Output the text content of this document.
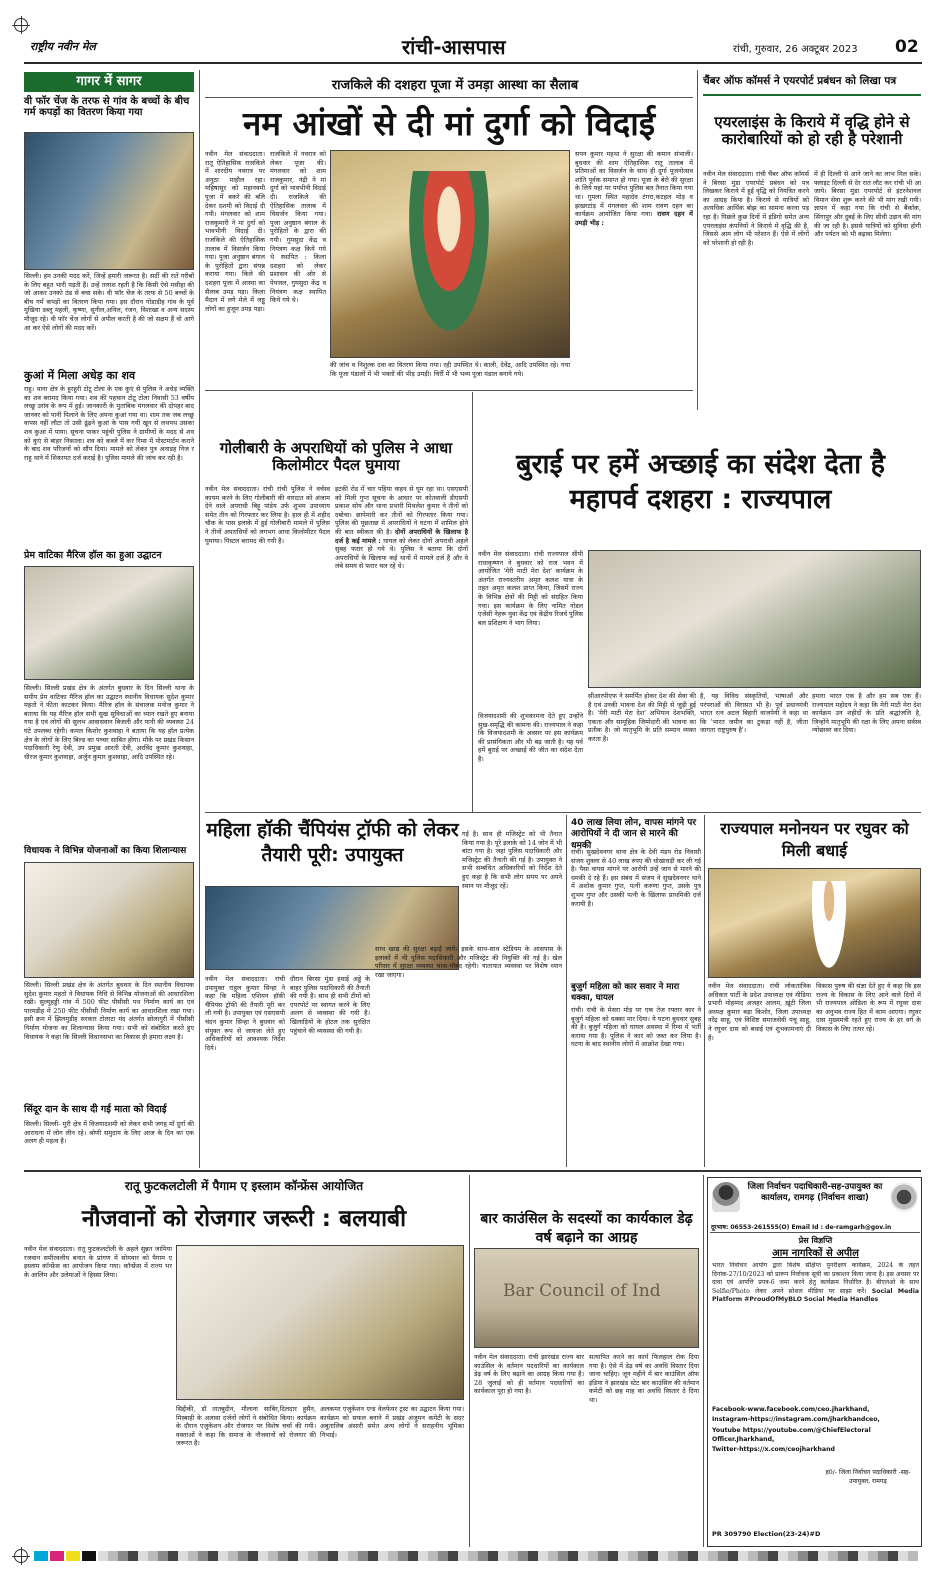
राष्ट्रीय नवीन मेल	रांची-आसपास	रांची, गुरुवार, 26 अक्टूबर 2023 02
गागर में सागर
वी फॉर चेंज के तरफ से गांव के बच्चों के बीच गर्म कपड़ों का वितरण किया गया
सिल्ली। हम उनकी मदद करें, जिन्हें हमारी जरूरत है। सर्दी की रातें गरीबों के लिए बहुत भारी पड़ती हैं। उन्हें तलाश रहती है कि किसी ऐसे मसीहा की जो आकर उनको ठंड से बचा सके। वी फॉर चेंज के तरफ से 50 बच्चों के बीच गर्म कपड़ों का वितरण किया गया। इस दौरान गोडाडीह गांव के पूर्व मुखिया डब्लू महली, कृष्णा, सुनील,अनिल, रंजन, विशाखा व अन्य सदस्य मौजूद रहे। वी फॉर चेंज लोगों से अपील करती है की जो सक्षम हैं वो आगे आ कर ऐसे लोगों की मदद करें।
कुआं में मिला अधेड़ का शव
राहु। थाना क्षेत्र के हुरहुरी टोटू टोला के एक कुएं से पुलिस ने अधेड़ व्यक्ति का शव बरामद किया गया। शव की पहचान टोटू टोला निवासी 53 वर्षीय लच्छू उरांव के रूप में हुई। जानकारी के मुताबिक मंगलवार की दोपहर बाद जानवर को पानी पिलाने के लिए अपना कुआं गया था। शाम तक जब लच्छू वापस नहीं लौटा तो उसी ढूंढ़ने कुआं के पास गयी खून से लथपथ उसका शव कुआं में पाया। सूचना पाकर पहुंची पुलिस ने ग्रामीणों के मदद से शव को कुएं से बाहर निकाला। शव को कब्जे में कर रिम्स में पोस्टमार्टम कराने के बाद शव परिजनों को सौंप दिया। मामले को लेकर पुत्र अनाडह निज र राहु थाने में शिकायत दर्ज कराई है। पुलिस मामले की जांच कर रही है।
प्रेम वाटिका मैरिज हॉल का हुआ उद्घाटन
सिल्ली। सिल्ली प्रखंड क्षेत्र के अंतर्गत बुधवार के दिन सिल्ली थाना के समीप प्रेम वाटिका मैरिज हॉल का उद्घाटन स्थानीय विधायक सुदेश कुमार महतो ने फीता काटकर किया। मैरिज हॉल के संचालक मनोज कुमार ने बताया कि यह मैरिज हॉल सभी सुख सुविधाओं का ध्यान रखते हुए बनाया गया है एवं लोगों की सुलभ आवासवान बिजली और पानी की व्यवस्था 24 घंटे उपलब्ध रहेगी। कमल किशोर कुशवाहा ने बताया कि यह हॉल प्रत्येक क्षेत्र के लोगों के लिए बिल्ड का पच्चर साबित होगा। मौके पर प्रखंड किसान पदाधिकारी रेणु देवी, उप प्रमुख आरती देवी, अरविंद कुमार कुशवाहा, धीरज कुमार कुशवाहा, अर्जुन कुमार कुशवाहा, आदि उपस्थित रहे।
विधायक ने विभिन्न योजनाओं का किया शिलान्यास
सिल्ली। सिल्ली प्रखंड क्षेत्र के अंतर्गत बुधवार के दिन स्थानीय विधायक सुदेश कुमार महतो ने विधायक निधि से विभिन्न योजनाओं की आधारशिला रखी। सुल्मुहड्डी गांव में 500 फीट पीसीसी पथ निर्माण कार्य का एवं पारमडीह में 250 फीट पीसीसी निर्माण कार्य का आधारशिला रखा गया। इसी क्रम में झिलमुडीह सरकार टोलाटा मंद अंतर्गत छोलागुरी में पीसीसी निर्माण योजना का शिलान्यास किया गया। सभी को संबोधित करते हुए विधायक ने कहा कि सिल्ली विधानसभा का विकास ही हमारा लक्ष्य है।
सिंदूर दान के साथ दी गई माता को विदाई
सिल्ली। सिल्ली- मुरी क्षेत्र में विजयादशमी को लेकर सभी जगह माँ दुर्गा की आराधना में लोग लीन रहे। श्रोणी समुदाय के लिए आज के दिन का एक अलग ही महत्व है।
राजकिले की दशहरा पूजा में उमड़ा आस्था का सैलाब
नम आंखों से दी मां दुर्गा को विदाई
नवीन मेल संवाददाता। रातू ऐतिहासिक राजकिले में शारदीय नवरात्र पर अनूठा माहौल रहा।महिषासुर को महानवमी पूजा में बकरे की बलि देकर दशमी को विदाई दी गयी। मंगलवार को शाम राजकुमारी ने मां दुर्गा को भावभीनी विदाई दी। राजकिले की ऐतिहासिक तालाब में विसर्जन किया गया। पूजा अनुष्ठान बंगाल के पुरोहितों द्वारा संपन्न कराया गया। किले की दशहरा पूजा में आस्था का सैलाब उमड़ पड़ा। किला मैदान में लगे मेले में लड्डू लोगों का हुजूम उमड़ पड़ा।
राजकिले में नवरात्र को लेकर पूजा की। मंगलवार को शाम राजकुमार, नंद्री ने मां दुर्गा को भावभीनी विदाई दी। राजकिले की ऐतिहासिक तालाब में विसर्जन किया गया। पूजा अनुष्ठान बंगाल के पुरोहितों के द्वारा की गयी। गुमसुदा केंद्र व नियंत्रण कक्ष किये गये थे स्थापित : किला दशहरा को लेकर प्रशासन की ओर से पेयजल, गुमसुदा केंद्र व नियंत्रण कक्ष स्थापित किये गये थे।
की जांच व निशुल्क दवा का वितरण किया गया। रही उपस्थित थे। काली, देवेंद्र, आदि उपस्थित रहे। गया कि पूजा पंडालों में भी भक्तों की भीड़ उमड़ी। चिर्री में भी भव्य पूजा पंडाल बनाये गये।
सपन कुमार महथा ने सुरक्षा की कमान संभाली। बुधवार की शाम ऐतिहासिक रातू तालाब में प्रतिमाओं का विसर्जन के साथ ही दुर्गा पूजनोत्सव शांति पूर्वक समाप्त हो गया। पूजा के बेरो की सुरक्षा के लिये यहां पर पर्याप्त पुलिस बल तैनात किया गया था। गुमला स्थित महादेव टंगरा,कटहल मोड़ व झखरटांड़ में मंगलवार की शाम रावण दहन का कार्यक्रम आयोजित किया गया। रावण दहन में उमड़ी भीड़ :
चैंबर ऑफ कॉमर्स ने एयरपोर्ट प्रबंधन को लिखा पत्र
एयरलाइंस के किराये में वृद्धि होने से कारोबारियों को हो रही है परेशानी
नवीन मेल संवाददाता। रांची चैंबर ऑफ कॉमर्स ने बिरसा मुंडा एयरपोर्ट प्रबंधन को पत्र लिखकर किराये में हुई वृद्धि को नियंत्रित करने का आग्रह किया है। किराये से यात्रियों को अत्यधिक आर्थिक बोझ का सामना करना पड़ रहा है। पिछले कुछ दिनों में इंडिगो समेत अन्य एयरलाइंस कंपनियों ने किराये में वृद्धि की है, जिससे आम लोग भी परेशान हैं। ऐसे में लोगों को परेशानी हो रही है।
में ही दिल्ली से आने जाने का लाभ मिल सके। फ्लाइट दिल्ली से देर रात लौट कर रांची भी आ जाये। बिरसा मुंडा एयरपोर्ट से इंटरनेशनल विमान सेवा शुरू करने की भी मांग रखी गयी। ज्ञापन में कहा गया कि रांची से बैंकॉक, सिंगापुर और दुबई के लिए सीधी उड़ान की मांग की जा रही है। इससे यात्रियों को सुविधा होगी और पर्यटन को भी बढ़ावा मिलेगा।
गोलीबारी के अपराधियों को पुलिस ने आधा किलोमीटर पैदल घुमाया
नवीन मेल संवाददाता। रांची रांची पुलिस ने वर्चस्व कायम करने के लिए गोलीबारी की वारदात को अंजाम देने वाले अपराधी बिट्टू पांडेय उर्फ शुभम उपाध्याय समेत तीन को गिरफ्तार कर लिया है। हाल ही में शहीद चौक के पास इलाके में हुई गोलीबारी मामले में पुलिस ने तीनों अपराधियों को लगभग आधा किलोमीटर पैदल घुमाया। पिस्टल बरामद की गयी है।
इटकी रोड में चार पहिया वाहन से घूम रहा था। एसएसपी को मिली गुप्त सूचना के आधार पर कोतवाली डीएसपी प्रकाश सोय और थाना प्रभारी मिथलेश कुमार ने तीनों को दबोचा। छापेमारी कर तीनों को गिरफ्तार किया गया। पुलिस की पूछताछ में अपराधियों ने घटना में शामिल होने की बात स्वीकार की है। दोनों अपराधियों के खिलाफ है दर्ज है कई मामले : घायल को लेकर दोनों अपराधी अहले सुबह फरार हो गये थे। पुलिस ने बताया कि दोनों अपराधियों के खिलाफ कई थानों में मामले दर्ज हैं और वे लंबे समय से फरार चल रहे थे।
बुराई पर हमें अच्छाई का संदेश देता है महापर्व दशहरा : राज्यपाल
नवीन मेल संवाददाता। रांची राज्यपाल सीपी राधाकृष्णन ने बुधवार को राज भवन में आयोजित 'मेरी माटी मेरा देश' कार्यक्रम के अंतर्गत राज्यस्तरीय अमृत कलश यात्रा के तहत अमृत कलश प्राप्त किया, जिसमें राज्य के विभिन्न क्षेत्रों की मिट्टी को संग्रहित किया गया। इस कार्यक्रम के लिए नामित नोडल एजेंसी नेहरू युवा केंद्र एवं केंद्रीय रिजर्व पुलिस बल प्रशिक्षण ने भाग लिया।
विजयादशमी की शुभकामना देते हुए उन्होंने सुख-समृद्धि की कामना की। राज्यपाल ने कहा कि विजयादशमी के अवसर पर इस कार्यक्रम की प्रासंगिकता और भी बढ़ जाती है। यह पर्व हमें बुराई पर अच्छाई की जीत का संदेश देता है।
सीआरपीएफ ने समर्पित होकर देश की सेवा की है एवं उनकी भावना देश की मिट्टी से जुड़ी हुई है। 'मेरी माटी मेरा देश' अभियान देशभक्ति, एकता और सामूहिक जिम्मेदारी की भावना का प्रतीक है। जो मातृभूमि के प्रति सम्मान व्यक्त करता है।
है, यह विविध संस्कृतियों, भाषाओं और परंपराओं की विरासत भी है। पूर्व प्रधानमंत्री भारत रत्न अटल बिहारी वाजपेयी ने कहा था कि 'भारत जमीन का टुकड़ा नहीं है, जीता जागता राष्ट्रपुरुष है'।
हमारा भारत एक है और हम सब एक हैं। राज्यपाल महोदय ने कहा कि मेरी माटी मेरा देश कार्यक्रम उन शहीदों के प्रति श्रद्धांजलि है, जिन्होंने मातृभूमि की रक्षा के लिए अपना सर्वस्व न्योछावर कर दिया।
महिला हॉकी चैंपियंस ट्रॉफी को लेकर तैयारी पूरी: उपायुक्त
गई है। साथ ही मजिस्ट्रेट को भी तैनात किया गया है। पूरे इलाके को 14 जोन में भी बांटा गया है। जहां पुलिस पदाधिकारी और मजिस्ट्रेट की तैनाती की गई है। उपायुक्त ने सभी सम्बंधित अधिकारियों को निर्देश देते हुए कहा है कि सभी लोग समय पर अपने स्थान पर मौजूद रहें।
नवीन मेल संवाददाता। रांची उपायुक्त राहुल कुमार सिन्हा ने कहा कि महिला एशियन हॉकी चैंपियंस ट्रॉफी की तैयारी पूरी कर ली गयी है। उपायुक्त एवं एसएसपी चंदन कुमार सिन्हा ने बुधवार को संयुक्त रूप से जायजा लेते हुए अधिकारियों को आवश्यक निर्देश दिये।
दौरान बिरसा मुंडा हवाई अड्डे के बाहर पुलिस पदाधिकारी की तैनाती की गयी है। साथ ही सभी टीमों को एयरपोर्ट पर स्वागत करने के लिए अलग से व्यवस्था की गयी है। खिलाड़ियों के होटल तक सुरक्षित पहुंचाने की व्यवस्था की गयी है।
साथ खाद्य की सुरक्षा बढ़ाई जाये। इसके साथ-साथ स्टेडियम के आसपास के इलाकों में भी पुलिस पदाधिकारी और मजिस्ट्रेट की नियुक्ति की गई है। खेल परिसर में सुरक्षा व्यवस्था चाक-चौबंद रहेगी। यातायात व्यवस्था पर विशेष ध्यान रखा जाएगा।
40 लाख लिया लोन, वापस मांगने पर आरोपियों ने दी जान से मारने की धमकी
रांची। सुखदेवनगर थाना क्षेत्र के देवी मंडप रोड निवासी संजय शुक्ला से 40 लाख रुपए की धोखाधड़ी कर ली गई है। पैसा वापस मांगने पर आरोपी उन्हें जान से मारने की धमकी दे रहे हैं। इस संबंध में संजय ने सुखदेवनगर थाने में अशोक कुमार गुप्त, पत्नी करुणा गुप्त, उसके पुत्र शुभम गुप्त और उसकी पत्नी के खिलाफ प्राथमिकी दर्ज करायी है।
बुजुर्ग महिला को कार सवार ने मारा धक्का, घायल
रांची। रांची के मेसरा मोड़ पर एक तेज रफ्तार कार ने बुजुर्ग महिला को धक्का मार दिया। ये घटना बुधवार सुबह की है। बुजुर्ग महिला को घायल अवस्था में रिम्स में भर्ती कराया गया है। पुलिस ने कार को जब्त कर लिया है। घटना के बाद स्थानीय लोगों में आक्रोश देखा गया।
राज्यपाल मनोनयन पर रघुवर को मिली बधाई
नवीन मेल संवाददाता। रांची लोकतांत्रिक अधिकार पार्टी के प्रदेश उपाध्यक्ष एवं मीडिया प्रभारी मोहम्मद अजहर आलम, ख़ूंटी जिला अध्यक्ष कुमार बड़ा किशोर, जिला उपाध्यक्ष नरेंद्र साहू, एवं विशिष्ट समाजसेवी पंचू साहू, ने रघुवर दास को बधाई एवं शुभकामनाएं दी हैं।
विकास पुरुष की संज्ञा देते हुए ये कहा कि इस राज्य के विकास के लिए आने वाले दिनों में भी राज्यपाल ओडिशा के रूप में रघुवर दास का अनुभव राज्य हित में काम आएगा। रघुवर दास मुख्यमंत्री रहते हुए राज्य के हर वर्ग के विकास के लिए तत्पर रहे।
रातू फुटकलटोली में पैगाम ए इस्लाम कॉन्फ्रेंस आयोजित
नौजवानों को रोजगार जरूरी : बलयाबी
नवीन मेल संवाददाता। रातू फुटकलटोली के अहले सुन्नत जामिया रजवान समीरवलीय बनात के प्रांगण में सोमवार को पैगाम ए इस्लाम कॉन्फ्रेंस का आयोजन किया गया। कॉन्फ्रेंस में राज्य भर के आलिम और उलेमाओं ने हिस्सा लिया।
सिद्दीकी, डॉ तातबुदीन, मौलाना साबिर,दिलदार हुसैन, मिस्बाही के अलावा दर्जनों लोगों ने संबोधित किया। कार्यक्रम के दौरान एजुकेशन और रोजगार पर विशेष चर्चा की गयी। वक्ताओं ने कहा कि समाज के नौजवानों को रोजगार की जरूरत है।
अलकमर एजुकेशन एन्ड वेलफेयर ट्रस्ट का उद्घाटन किया गया। कार्यक्रम को सफल बनाने में प्रखंड अंजुमन कमेटी के सदर अबुतालिब अंसारी समेत अन्य लोगों ने सराहनीय भूमिका निभाई।
बार काउंसिल के सदस्यों का कार्यकाल डेढ़ वर्ष बढ़ाने का आग्रह
Bar Council of Ind
नवीन मेल संवाददाता। रांची झारखंड राज्य बार काउंसिल के वर्तमान पदधारियों का कार्यकाल डेढ़ वर्ष के लिए बढ़ाने का आग्रह किया गया है। 28 जुलाई को ही वर्तमान पदधारियों का कार्यकाल पूरा हो गया है।
सत्यापित करने का कार्य फिलहाल रोक दिया गया है। ऐसे में डेढ़ वर्ष का अवधि विस्तार दिया जाना चाहिए। जून महीने में बार काउंसिल ऑफ इंडिया ने झारखंड स्टेट बार काउंसिल की वर्तमान कमेटी को छह माह का अवधि विस्तार दे दिया था।
जिला निर्वाचन पदाधिकारी-सह-उपायुक्त का कार्यालय, रामगढ़ (निर्वाचन शाखा)
दूरभाष: 06553-261555(O) Email Id : de-ramgarh@gov.in
प्रेस विज्ञप्ति
आम नागरिकों से अपील
भारत निर्वाचन आयोग द्वारा विशेष संक्षिप्त पुनरीक्षण कार्यक्रम, 2024 के तहत दिनांक-27/10/2023 को प्रारूप निर्वाचक सूची का प्रकाशन किया जाना है। इस अवसर पर दावा एवं आपत्ति प्रपत्र-6 जमा करने हेतु कार्यक्रम निर्धारित है। बीएलओ के साथ Selfie/Photo लेकर अपने सोशल मीडिया पर साझा करें। Social Media Platform #ProudOfMyBLO Social Media Handles
Facebook-www.facebook.com/ceo.jharkhand,
Instagram-https://instagram.com/jharkhandceo,
Youtube https://youtube.com/@ChiefElectoral Officer.Jharkhand,
Twitter-https://x.com/ceojharkhand
ह0/- जिला निर्वाचन पदाधिकारी -सह- उपायुक्त, रामगढ़
PR 309790 Election(23-24)#D
